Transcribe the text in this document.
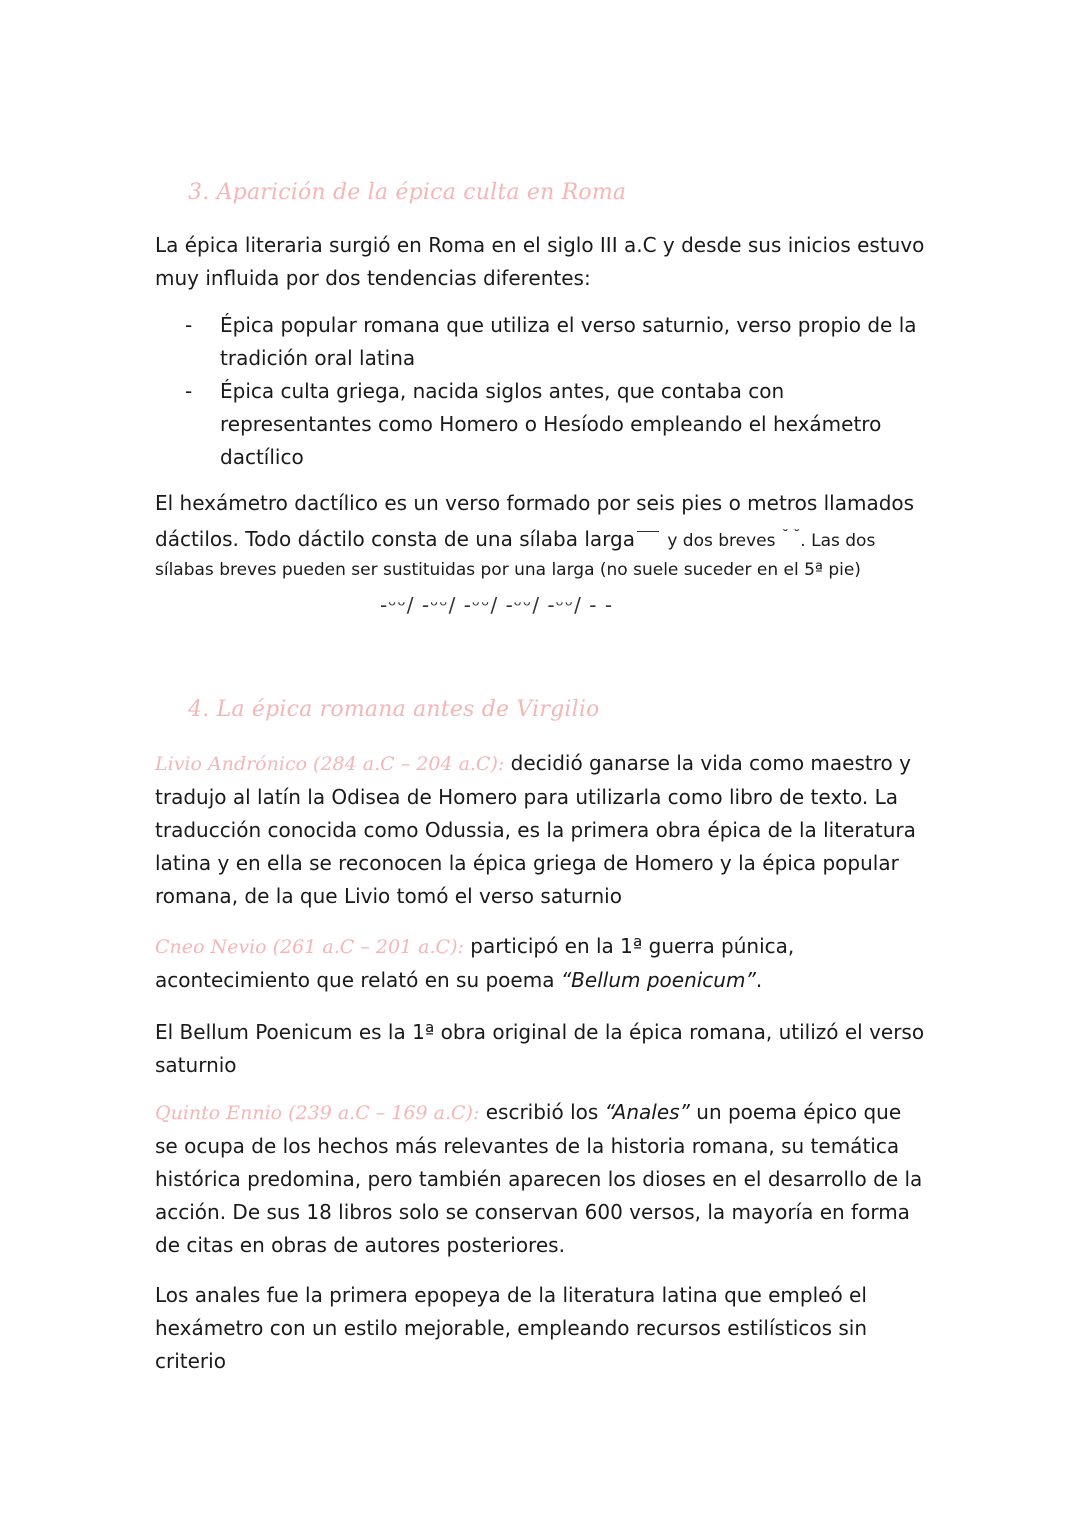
3. Aparición de la épica culta en Roma

La épica literaria surgió en Roma en el siglo III a.C y desde sus inicios estuvo muy influida por dos tendencias diferentes:

- Épica popular romana que utiliza el verso saturnio, verso propio de la tradición oral latina
- Épica culta griega, nacida siglos antes, que contaba con representantes como Homero o Hesíodo empleando el hexámetro dactílico

El hexámetro dactílico es un verso formado por seis pies o metros llamados dáctilos. Todo dáctilo consta de una sílaba larga y dos breves ˘ ˘. Las dos

sílabas breves pueden ser sustituidas por una larga (no suele suceder en el 5ª pie)

-ᵕᵕ/ -ᵕᵕ/ -ᵕᵕ/ -ᵕᵕ/ -ᵕᵕ/ - -
4. La épica romana antes de Virgilio

Livio Andrónico (284 a.C – 204 a.C): decidió ganarse la vida como maestro y tradujo al latín la Odisea de Homero para utilizarla como libro de texto. La traducción conocida como Odussia, es la primera obra épica de la literatura latina y en ella se reconocen la épica griega de Homero y la épica popular romana, de la que Livio tomó el verso saturnio

Cneo Nevio (261 a.C – 201 a.C): participó en la 1ª guerra púnica, acontecimiento que relató en su poema “Bellum poenicum”.

El Bellum Poenicum es la 1ª obra original de la épica romana, utilizó el verso saturnio

Quinto Ennio (239 a.C – 169 a.C): escribió los “Anales” un poema épico que se ocupa de los hechos más relevantes de la historia romana, su temática histórica predomina, pero también aparecen los dioses en el desarrollo de la acción. De sus 18 libros solo se conservan 600 versos, la mayoría en forma de citas en obras de autores posteriores.

Los anales fue la primera epopeya de la literatura latina que empleó el hexámetro con un estilo mejorable, empleando recursos estilísticos sin criterio
